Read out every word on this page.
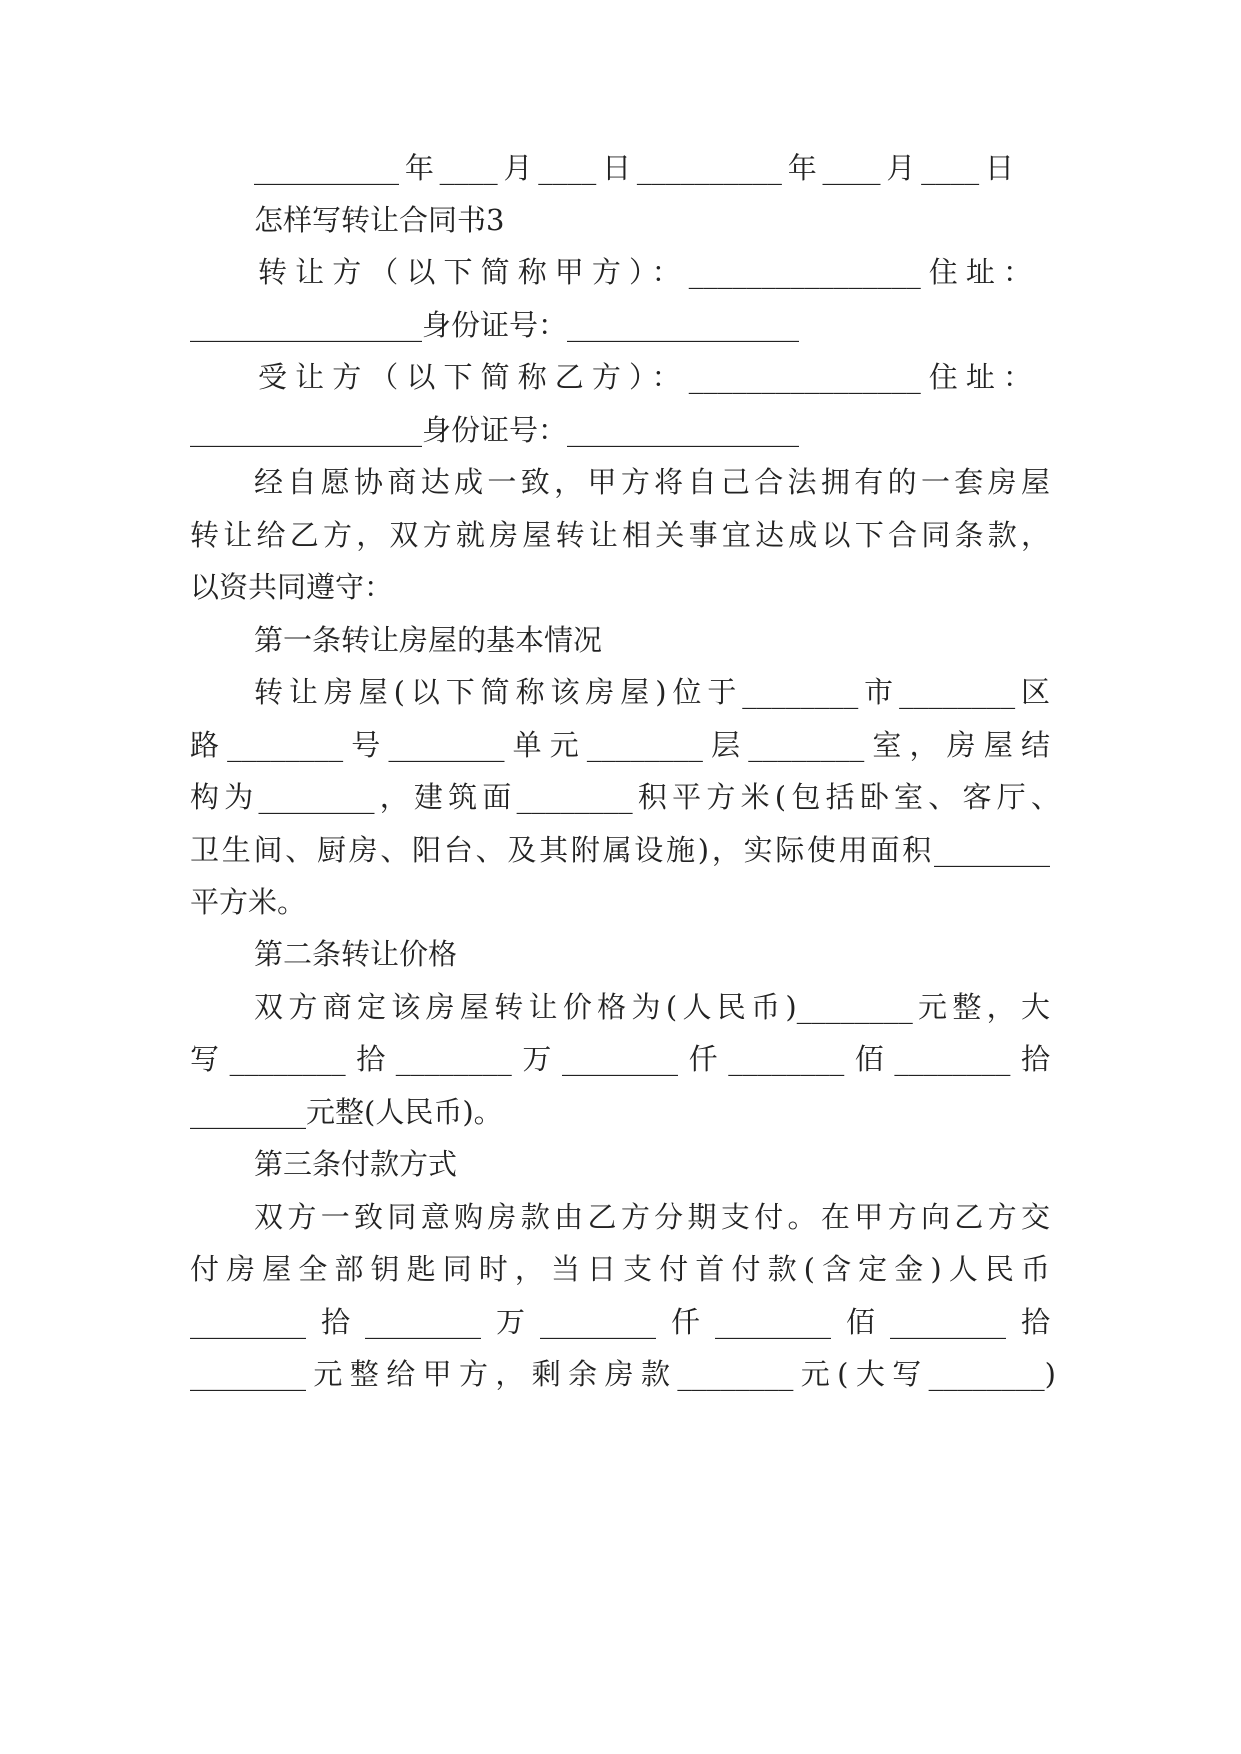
__________年____月____日__________年____月____日
怎样写转让合同书3
转让方（以下简称甲方）：________________住址：
________________身份证号：________________
受让方（以下简称乙方）：________________住址：
________________身份证号：________________
经自愿协商达成一致，甲方将自己合法拥有的一套房屋
转让给乙方，双方就房屋转让相关事宜达成以下合同条款，
以资共同遵守：
第一条转让房屋的基本情况
转让房屋(以下简称该房屋)位于________市________区
路________号________单元________层________室，房屋结
构为________，建筑面________积平方米(包括卧室、客厅、
卫生间、厨房、阳台、及其附属设施)，实际使用面积________
平方米。
第二条转让价格
双方商定该房屋转让价格为(人民币)________元整，大
写________拾________万________仟________佰________拾
________元整(人民币)。
第三条付款方式
双方一致同意购房款由乙方分期支付。在甲方向乙方交
付房屋全部钥匙同时，当日支付首付款(含定金)人民币
________拾________万________仟________佰________拾
________元整给甲方，剩余房款________元(大写________)
